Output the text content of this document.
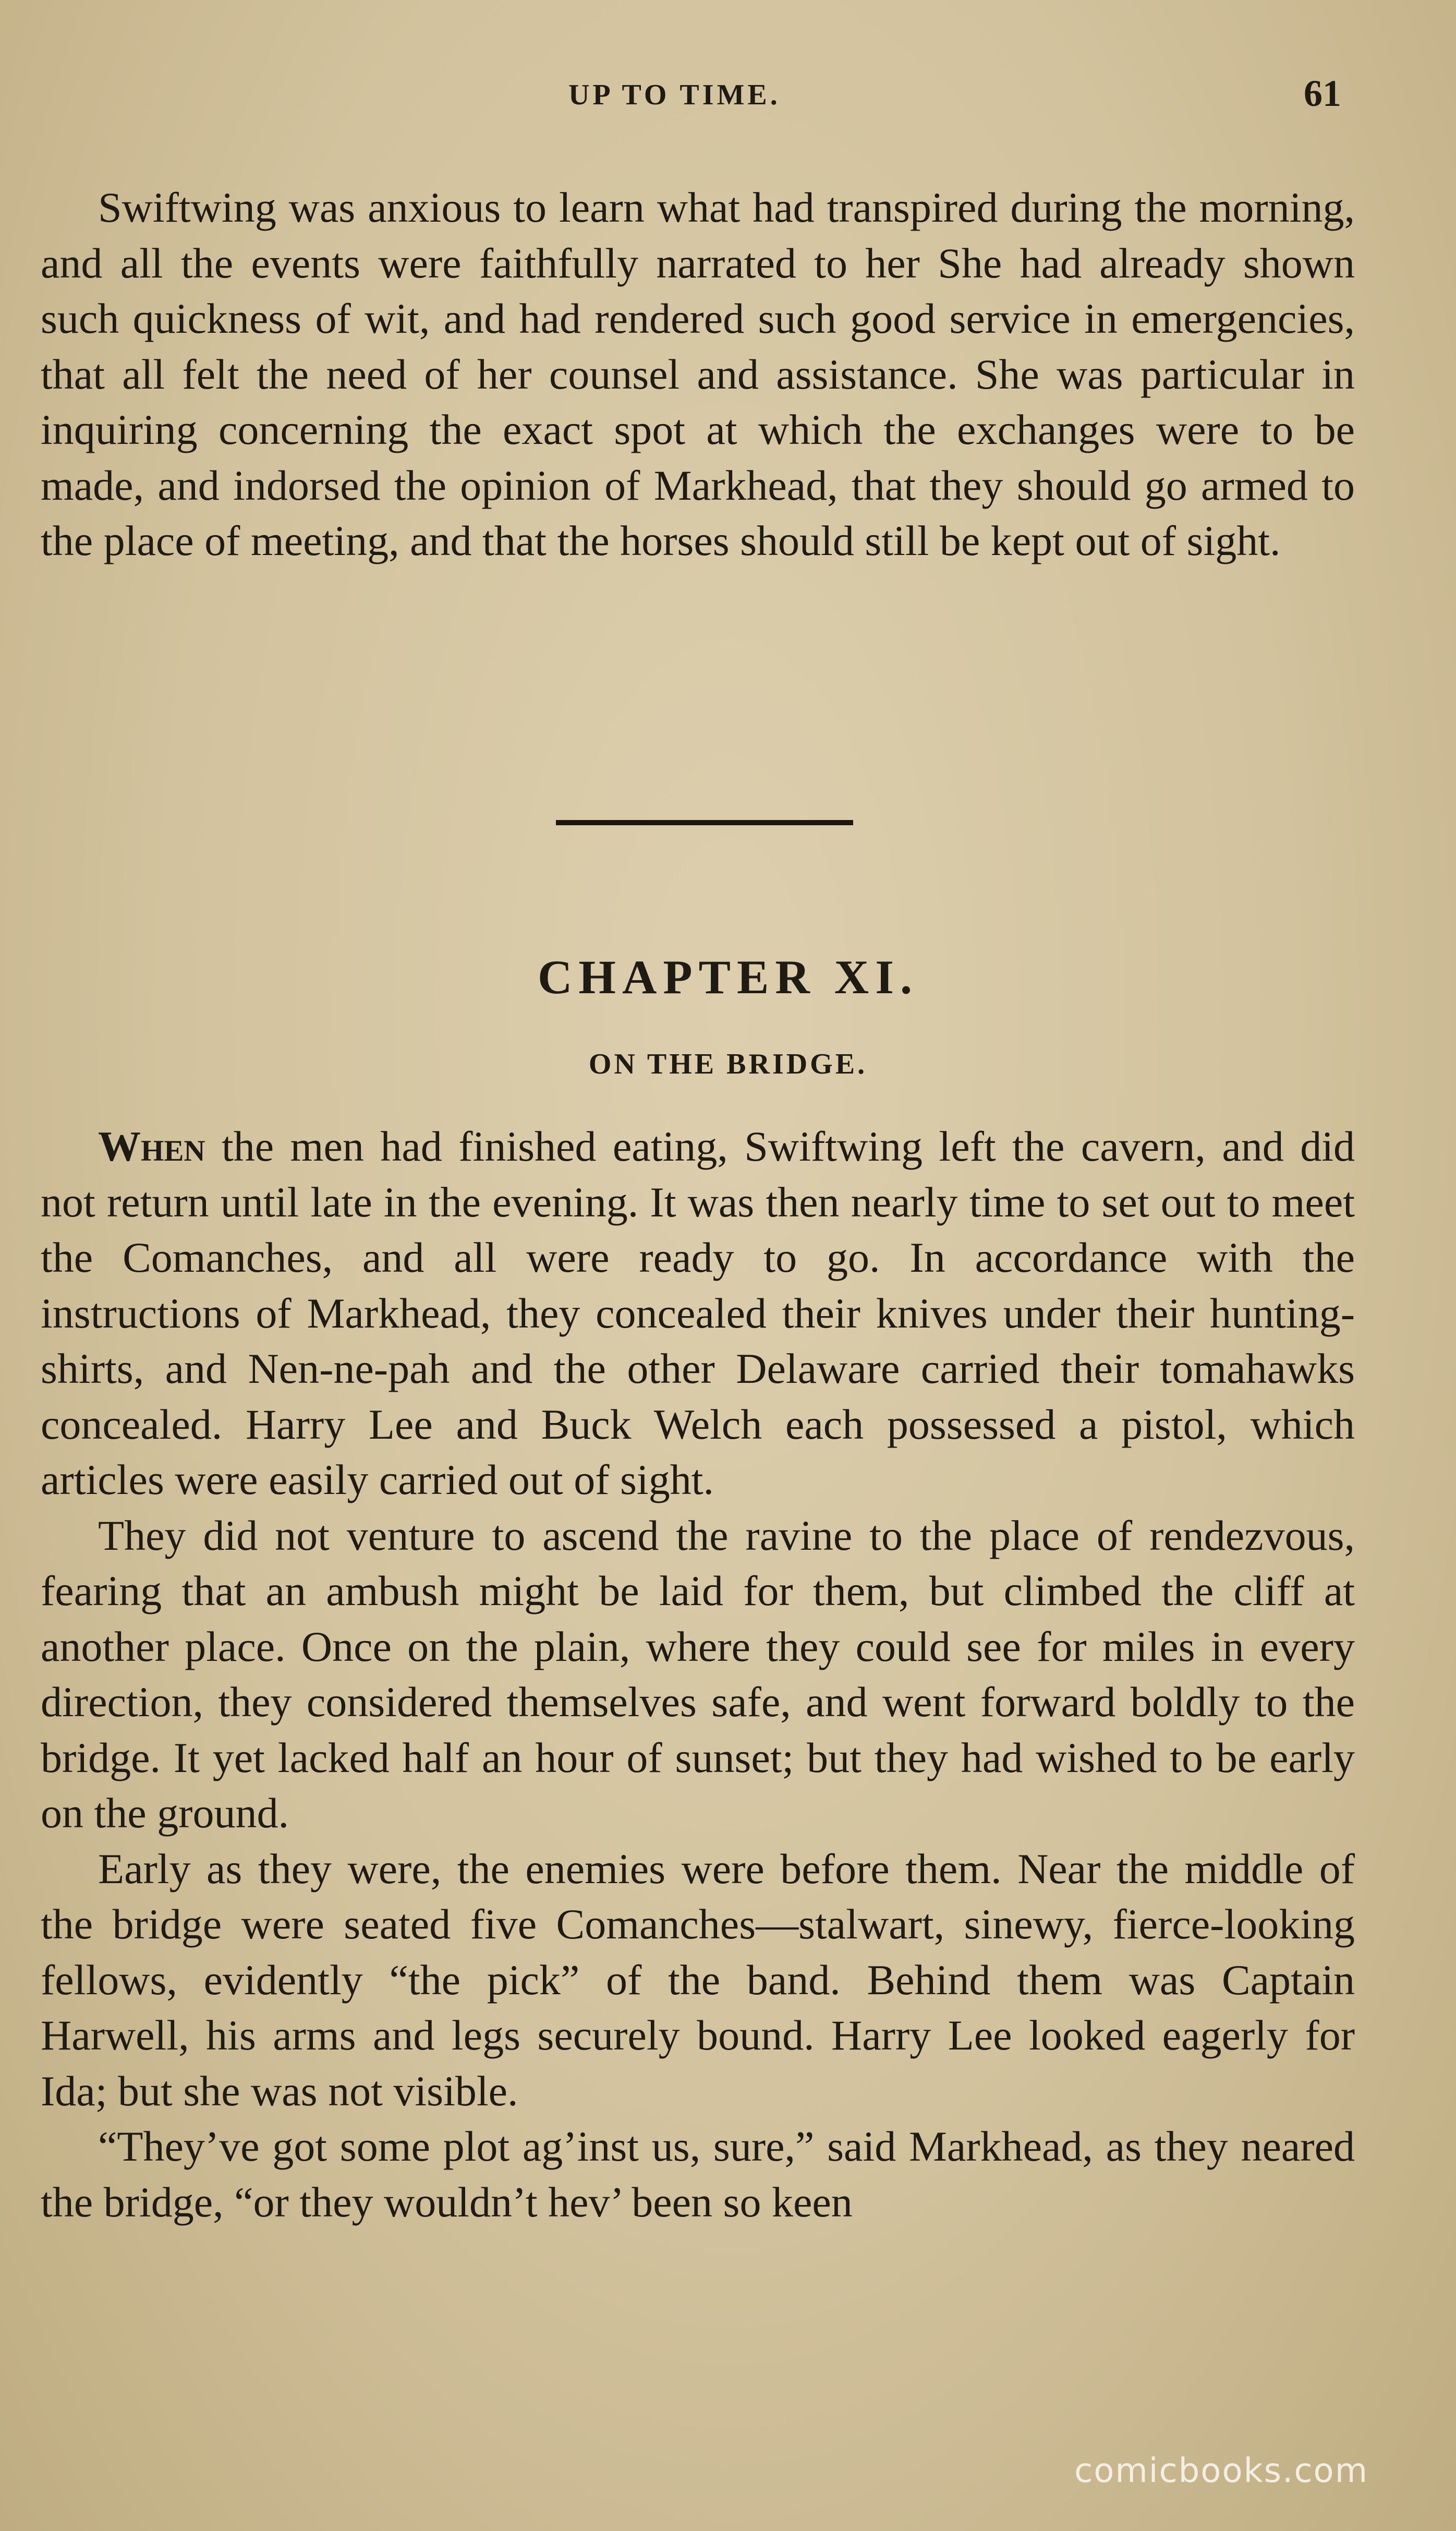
UP TO TIME.	61

Swiftwing was anxious to learn what had transpired during the morning, and all the events were faithfully narrated to her She had already shown such quickness of wit, and had rendered such good service in emergencies, that all felt the need of her counsel and assistance. She was particular in inquiring concerning the exact spot at which the exchanges were to be made, and indorsed the opinion of Markhead, that they should go armed to the place of meeting, and that the horses should still be kept out of sight.

CHAPTER XI.
ON THE BRIDGE.

When the men had finished eating, Swiftwing left the cavern, and did not return until late in the evening. It was then nearly time to set out to meet the Comanches, and all were ready to go. In accordance with the instructions of Markhead, they concealed their knives under their hunting-shirts, and Nen-ne-pah and the other Delaware carried their tomahawks concealed. Harry Lee and Buck Welch each possessed a pistol, which articles were easily carried out of sight.

They did not venture to ascend the ravine to the place of rendezvous, fearing that an ambush might be laid for them, but climbed the cliff at another place. Once on the plain, where they could see for miles in every direction, they considered themselves safe, and went forward boldly to the bridge. It yet lacked half an hour of sunset; but they had wished to be early on the ground.

Early as they were, the enemies were before them. Near the middle of the bridge were seated five Comanches—stalwart, sinewy, fierce-looking fellows, evidently “the pick” of the band. Behind them was Captain Harwell, his arms and legs securely bound. Harry Lee looked eagerly for Ida; but she was not visible.

“They’ve got some plot ag’inst us, sure,” said Markhead, as they neared the bridge, “or they wouldn’t hev’ been so keen

comicbooks.com
